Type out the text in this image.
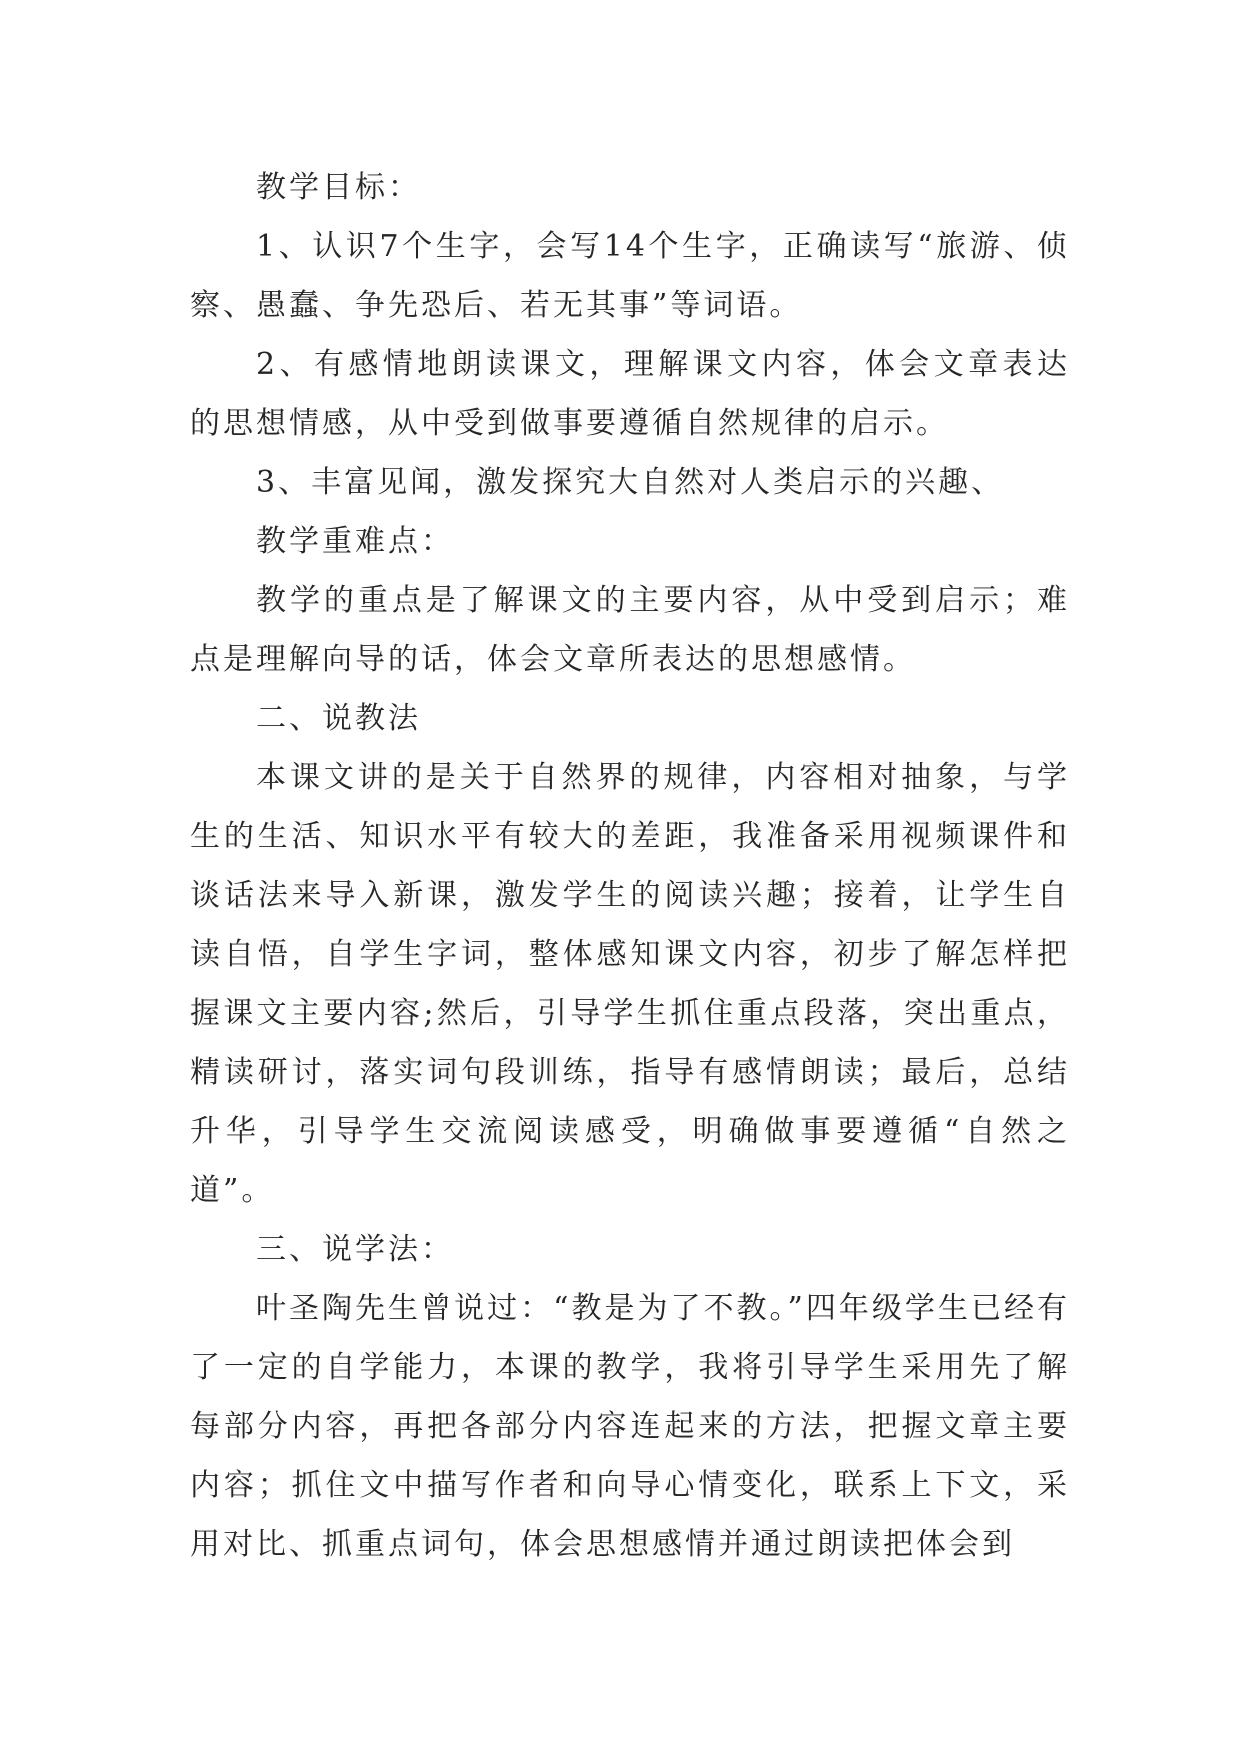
教学目标：

1、认识7个生字，会写14个生字，正确读写“旅游、侦察、愚蠢、争先恐后、若无其事”等词语。

2、有感情地朗读课文，理解课文内容，体会文章表达的思想情感，从中受到做事要遵循自然规律的启示。

3、丰富见闻，激发探究大自然对人类启示的兴趣、

教学重难点：

教学的重点是了解课文的主要内容，从中受到启示；难点是理解向导的话，体会文章所表达的思想感情。

二、说教法

本课文讲的是关于自然界的规律，内容相对抽象，与学生的生活、知识水平有较大的差距，我准备采用视频课件和谈话法来导入新课，激发学生的阅读兴趣；接着，让学生自读自悟，自学生字词，整体感知课文内容，初步了解怎样把握课文主要内容;然后，引导学生抓住重点段落，突出重点，精读研讨，落实词句段训练，指导有感情朗读；最后，总结升华，引导学生交流阅读感受，明确做事要遵循“自然之道”。

三、说学法：

叶圣陶先生曾说过：“教是为了不教。”四年级学生已经有了一定的自学能力，本课的教学，我将引导学生采用先了解每部分内容，再把各部分内容连起来的方法，把握文章主要内容；抓住文中描写作者和向导心情变化，联系上下文，采用对比、抓重点词句，体会思想感情并通过朗读把体会到
